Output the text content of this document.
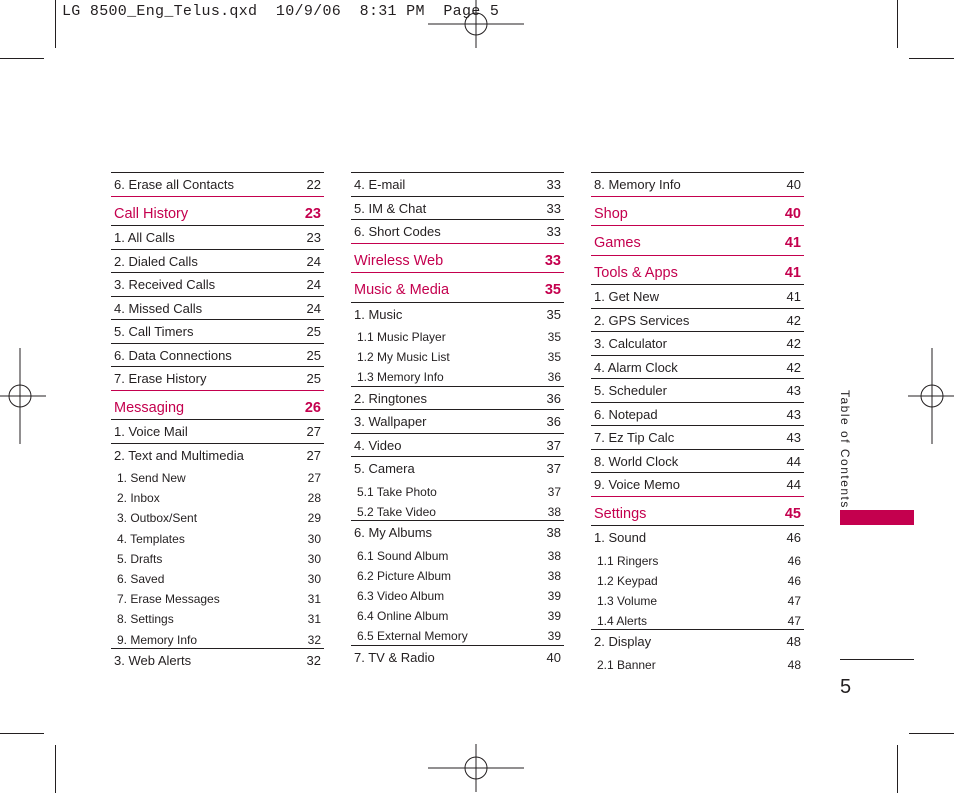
LG 8500_Eng_Telus.qxd  10/9/06  8:31 PM  Page 5
6. Erase all Contacts	22
Call History	23
1. All Calls	23
2. Dialed Calls	24
3. Received Calls	24
4. Missed Calls	24
5. Call Timers	25
6. Data Connections	25
7. Erase History	25
Messaging	26
1. Voice Mail	27
2. Text and Multimedia	27
1. Send New	27
2. Inbox	28
3. Outbox/Sent	29
4. Templates	30
5. Drafts	30
6. Saved	30
7. Erase Messages	31
8. Settings	31
9. Memory Info	32
3. Web Alerts	32
4. E-mail	33
5. IM & Chat	33
6. Short Codes	33
Wireless Web	33
Music & Media	35
1. Music	35
1.1 Music Player	35
1.2 My Music List	35
1.3 Memory Info	36
2. Ringtones	36
3. Wallpaper	36
4. Video	37
5. Camera	37
5.1 Take Photo	37
5.2 Take Video	38
6. My Albums	38
6.1 Sound Album	38
6.2 Picture Album	38
6.3 Video Album	39
6.4 Online Album	39
6.5 External Memory	39
7. TV & Radio	40
8. Memory Info	40
Shop	40
Games	41
Tools & Apps	41
1. Get New	41
2. GPS Services	42
3. Calculator	42
4. Alarm Clock	42
5. Scheduler	43
6. Notepad	43
7. Ez Tip Calc	43
8. World Clock	44
9. Voice Memo	44
Settings	45
1. Sound	46
1.1 Ringers	46
1.2 Keypad	46
1.3 Volume	47
1.4 Alerts	47
2. Display	48
2.1 Banner	48
Table of Contents
5
